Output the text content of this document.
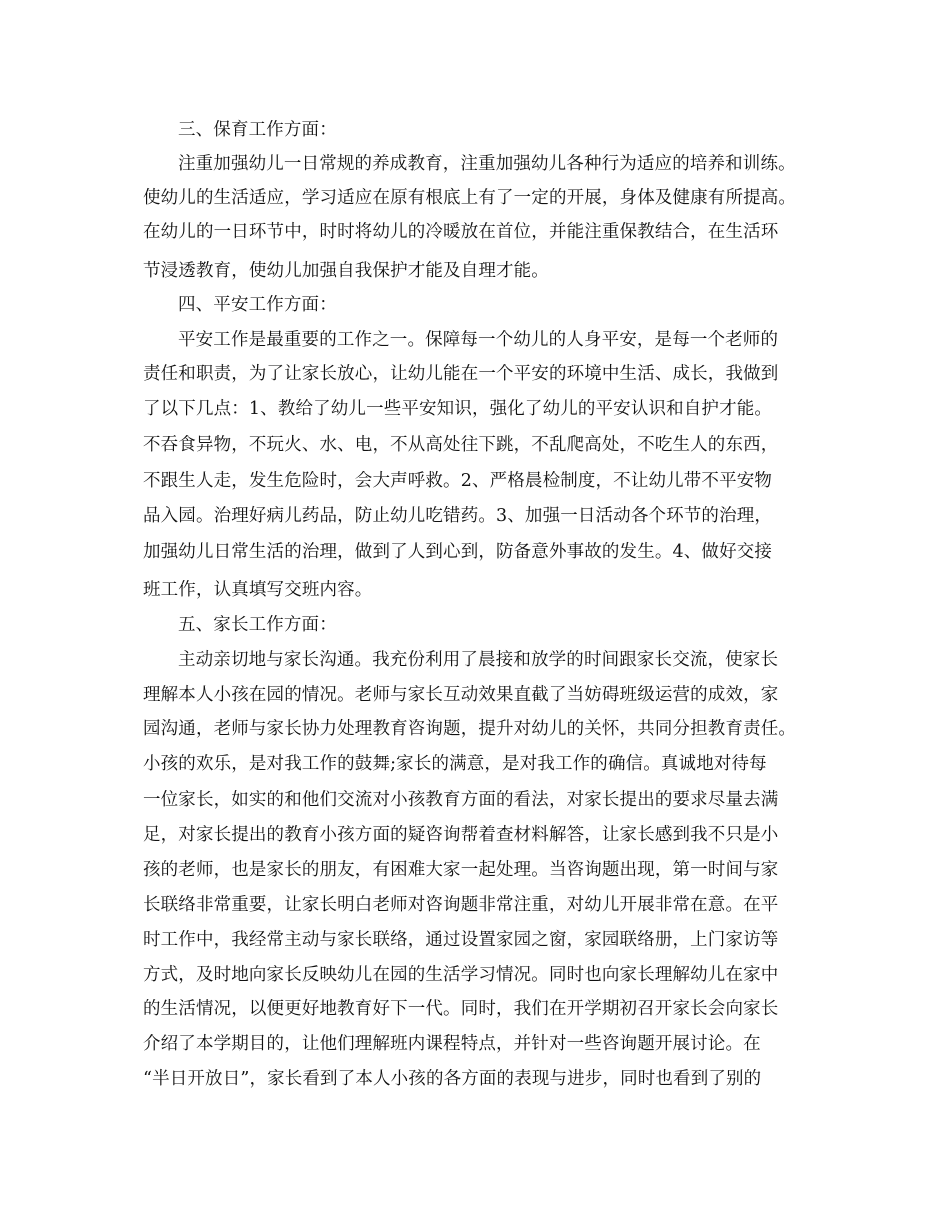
三、保育工作方面：
注重加强幼儿一日常规的养成教育，注重加强幼儿各种行为适应的培养和训练。
使幼儿的生活适应，学习适应在原有根底上有了一定的开展，身体及健康有所提高。
在幼儿的一日环节中，时时将幼儿的冷暖放在首位，并能注重保教结合，在生活环
节浸透教育，使幼儿加强自我保护才能及自理才能。
四、平安工作方面：
平安工作是最重要的工作之一。保障每一个幼儿的人身平安，是每一个老师的
责任和职责，为了让家长放心，让幼儿能在一个平安的环境中生活、成长，我做到
了以下几点：1、教给了幼儿一些平安知识，强化了幼儿的平安认识和自护才能。
不吞食异物，不玩火、水、电，不从高处往下跳，不乱爬高处，不吃生人的东西，
不跟生人走，发生危险时，会大声呼救。2、严格晨检制度，不让幼儿带不平安物
品入园。治理好病儿药品，防止幼儿吃错药。3、加强一日活动各个环节的治理，
加强幼儿日常生活的治理，做到了人到心到，防备意外事故的发生。4、做好交接
班工作，认真填写交班内容。
五、家长工作方面：
主动亲切地与家长沟通。我充份利用了晨接和放学的时间跟家长交流，使家长
理解本人小孩在园的情况。老师与家长互动效果直截了当妨碍班级运营的成效，家
园沟通，老师与家长协力处理教育咨询题，提升对幼儿的关怀，共同分担教育责任。
小孩的欢乐，是对我工作的鼓舞;家长的满意，是对我工作的确信。真诚地对待每
一位家长，如实的和他们交流对小孩教育方面的看法，对家长提出的要求尽量去满
足，对家长提出的教育小孩方面的疑咨询帮着查材料解答，让家长感到我不只是小
孩的老师，也是家长的朋友，有困难大家一起处理。当咨询题出现，第一时间与家
长联络非常重要，让家长明白老师对咨询题非常注重，对幼儿开展非常在意。在平
时工作中，我经常主动与家长联络，通过设置家园之窗，家园联络册，上门家访等
方式，及时地向家长反映幼儿在园的生活学习情况。同时也向家长理解幼儿在家中
的生活情况，以便更好地教育好下一代。同时，我们在开学期初召开家长会向家长
介绍了本学期目的，让他们理解班内课程特点，并针对一些咨询题开展讨论。在
“半日开放日”，家长看到了本人小孩的各方面的表现与进步，同时也看到了别的
